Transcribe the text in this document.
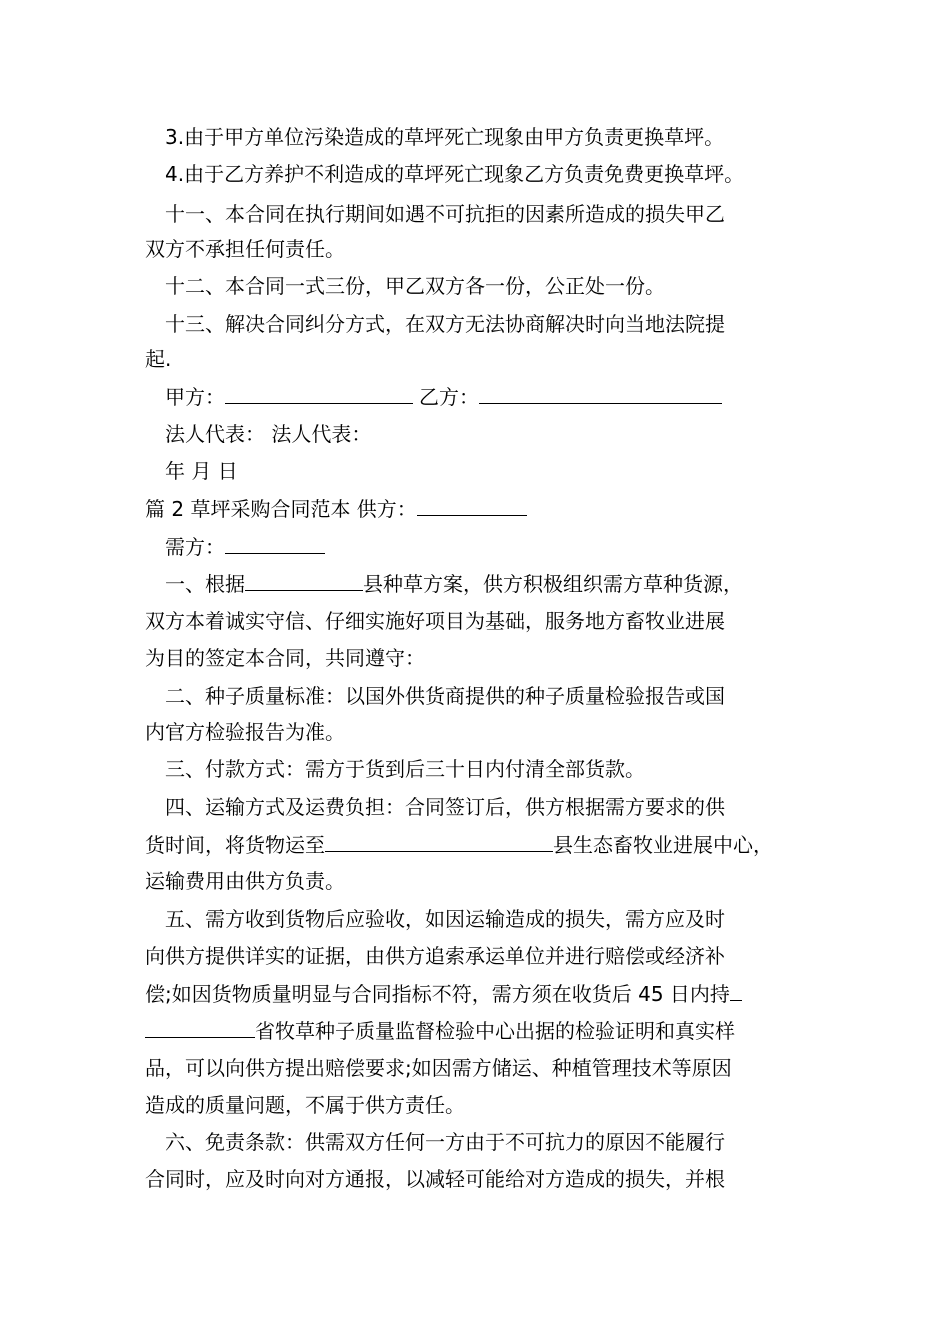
3.由于甲方单位污染造成的草坪死亡现象由甲方负责更换草坪。
4.由于乙方养护不利造成的草坪死亡现象乙方负责免费更换草坪。
十一、本合同在执行期间如遇不可抗拒的因素所造成的损失甲乙
双方不承担任何责任。
十二、本合同一式三份，甲乙双方各一份，公正处一份。
十三、解决合同纠分方式，在双方无法协商解决时向当地法院提
起.
甲方：	乙方：
法人代表： 法人代表：
年 月 日
篇 2 草坪采购合同范本 供方：
需方：
一、根据	县种草方案，供方积极组织需方草种货源，
双方本着诚实守信、仔细实施好项目为基础，服务地方畜牧业进展
为目的签定本合同，共同遵守：
二、种子质量标准：以国外供货商提供的种子质量检验报告或国
内官方检验报告为准。
三、付款方式：需方于货到后三十日内付清全部货款。
四、运输方式及运费负担：合同签订后，供方根据需方要求的供
货时间，将货物运至	县生态畜牧业进展中心，
运输费用由供方负责。
五、需方收到货物后应验收，如因运输造成的损失，需方应及时
向供方提供详实的证据，由供方追索承运单位并进行赔偿或经济补
偿;如因货物质量明显与合同指标不符，需方须在收货后 45 日内持
省牧草种子质量监督检验中心出据的检验证明和真实样
品，可以向供方提出赔偿要求;如因需方储运、种植管理技术等原因
造成的质量问题，不属于供方责任。
六、免责条款：供需双方任何一方由于不可抗力的原因不能履行
合同时，应及时向对方通报，以减轻可能给对方造成的损失，并根
